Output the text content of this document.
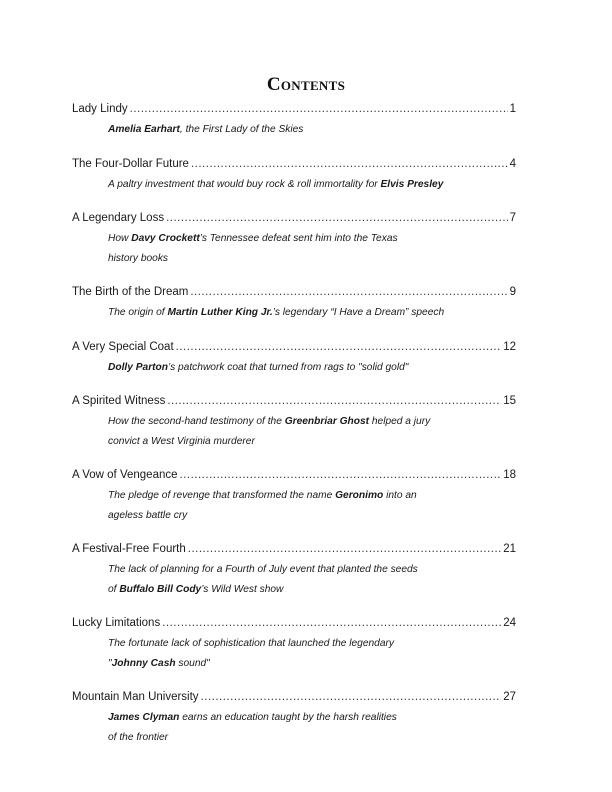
Contents
Lady Lindy .....	1
Amelia Earhart, the First Lady of the Skies
The Four-Dollar Future .....	4
A paltry investment that would buy rock & roll immortality for Elvis Presley
A Legendary Loss .....	7
How Davy Crockett’s Tennessee defeat sent him into the Texas
history books
The Birth of the Dream .....	9
The origin of Martin Luther King Jr.’s legendary “I Have a Dream” speech
A Very Special Coat .....	12
Dolly Parton’s patchwork coat that turned from rags to "solid gold"
A Spirited Witness .....	15
How the second-hand testimony of the Greenbriar Ghost helped a jury
convict a West Virginia murderer
A Vow of Vengeance .....	18
The pledge of revenge that transformed the name Geronimo into an
ageless battle cry
A Festival-Free Fourth .....	21
The lack of planning for a Fourth of July event that planted the seeds
of Buffalo Bill Cody’s Wild West show
Lucky Limitations .....	24
The fortunate lack of sophistication that launched the legendary
"Johnny Cash sound"
Mountain Man University .....	27
James Clyman earns an education taught by the harsh realities
of the frontier
